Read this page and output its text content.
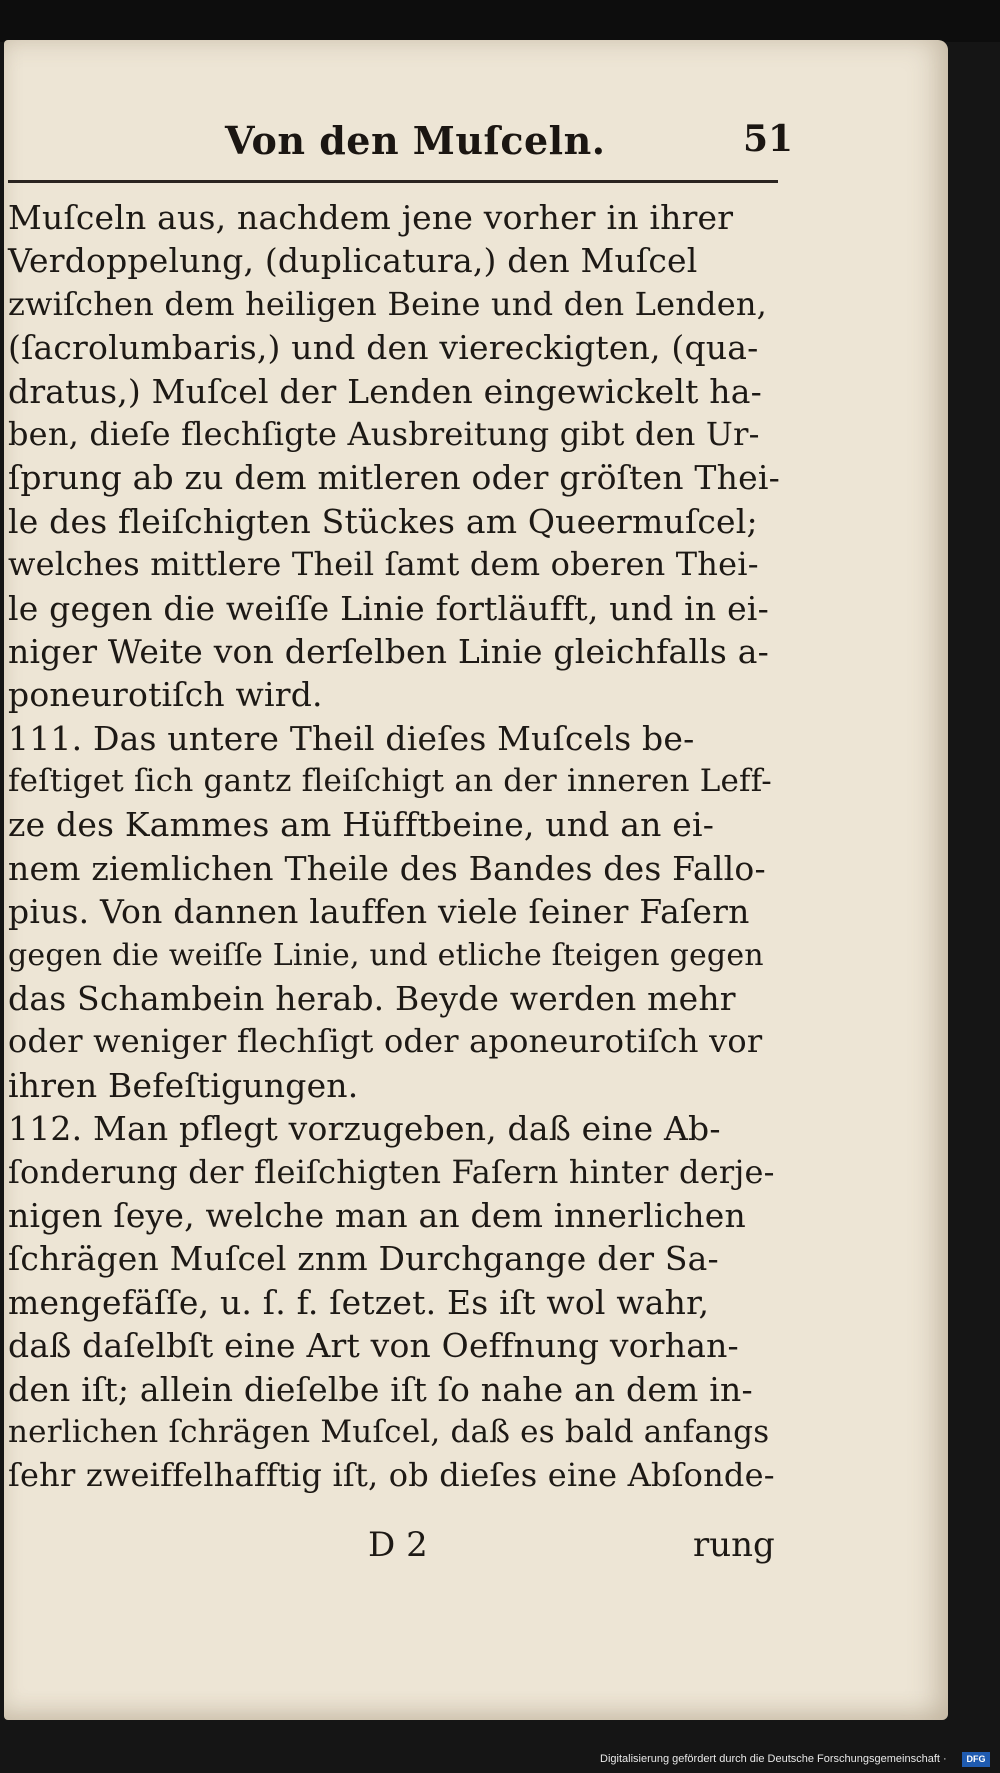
Von den Muſceln.	51
Muſceln aus, nachdem jene vorher in ihrer
Verdoppelung, (duplicatura,) den Muſcel
zwiſchen dem heiligen Beine und den Lenden,
(ſacrolumbaris,) und den viereckigten, (qua-
dratus,) Muſcel der Lenden eingewickelt ha-
ben, dieſe flechſigte Ausbreitung gibt den Ur-
ſprung ab zu dem mitleren oder gröſten Thei-
le des fleiſchigten Stückes am Queermuſcel;
welches mittlere Theil ſamt dem oberen Thei-
le gegen die weiſſe Linie fortläufft, und in ei-
niger Weite von derſelben Linie gleichfalls a-
poneurotiſch wird.
111. Das untere Theil dieſes Muſcels be-
feſtiget ſich gantz fleiſchigt an der inneren Leff-
ze des Kammes am Hüfftbeine, und an ei-
nem ziemlichen Theile des Bandes des Fallo-
pius. Von dannen lauffen viele ſeiner Faſern
gegen die weiſſe Linie, und etliche ſteigen gegen
das Schambein herab. Beyde werden mehr
oder weniger flechſigt oder aponeurotiſch vor
ihren Befeſtigungen.
112. Man pflegt vorzugeben, daß eine Ab-
ſonderung der fleiſchigten Faſern hinter derje-
nigen ſeye, welche man an dem innerlichen
ſchrägen Muſcel znm Durchgange der Sa-
mengefäſſe, u. ſ. f. ſetzet. Es iſt wol wahr,
daß daſelbſt eine Art von Oeffnung vorhan-
den iſt; allein dieſelbe iſt ſo nahe an dem in-
nerlichen ſchrägen Muſcel, daß es bald anfangs
ſehr zweiffelhafftig iſt, ob dieſes eine Abſonde-
D 2	rung
Digitalisierung gefördert durch die Deutsche Forschungsgemeinschaft ·	DFG
